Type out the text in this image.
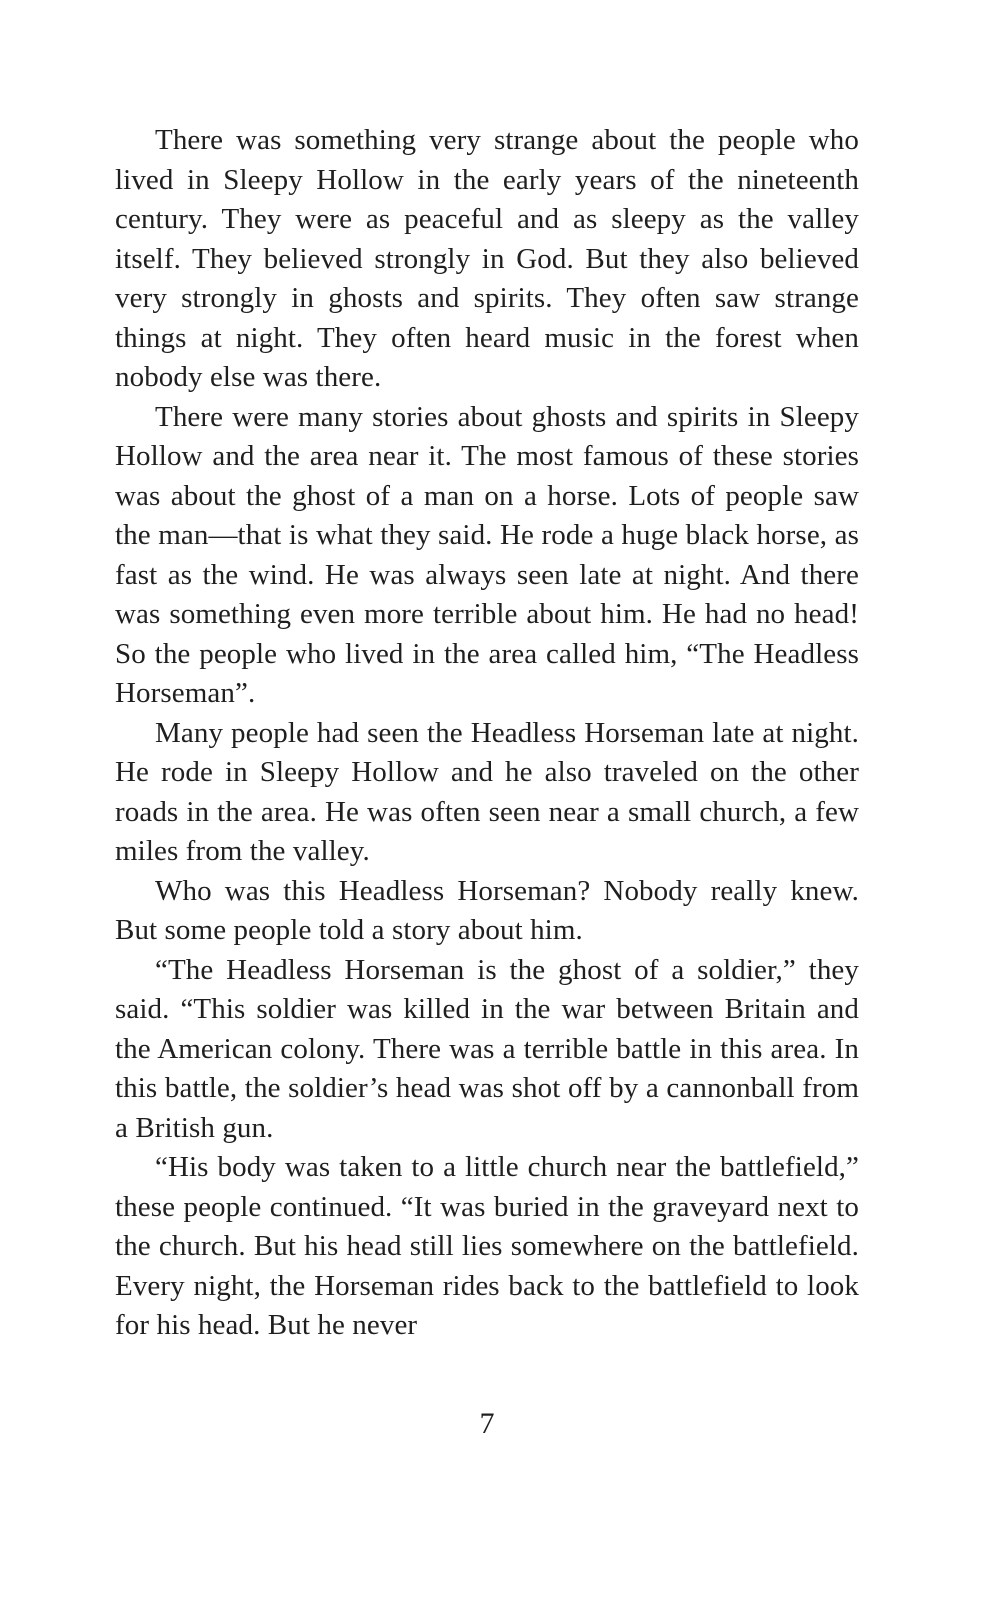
There was something very strange about the people who lived in Sleepy Hollow in the early years of the nineteenth century. They were as peaceful and as sleepy as the valley itself. They believed strongly in God. But they also believed very strongly in ghosts and spirits. They often saw strange things at night. They often heard music in the forest when nobody else was there.

There were many stories about ghosts and spirits in Sleepy Hollow and the area near it. The most famous of these stories was about the ghost of a man on a horse. Lots of people saw the man—that is what they said. He rode a huge black horse, as fast as the wind. He was always seen late at night. And there was something even more terrible about him. He had no head! So the people who lived in the area called him, “The Headless Horseman”.

Many people had seen the Headless Horseman late at night. He rode in Sleepy Hollow and he also traveled on the other roads in the area. He was often seen near a small church, a few miles from the valley.

Who was this Headless Horseman? Nobody really knew. But some people told a story about him.

“The Headless Horseman is the ghost of a soldier,” they said. “This soldier was killed in the war between Britain and the American colony. There was a terrible battle in this area. In this battle, the soldier’s head was shot off by a cannonball from a British gun.

“His body was taken to a little church near the battlefield,” these people continued. “It was buried in the graveyard next to the church. But his head still lies somewhere on the battlefield. Every night, the Horseman rides back to the battlefield to look for his head. But he never

7
